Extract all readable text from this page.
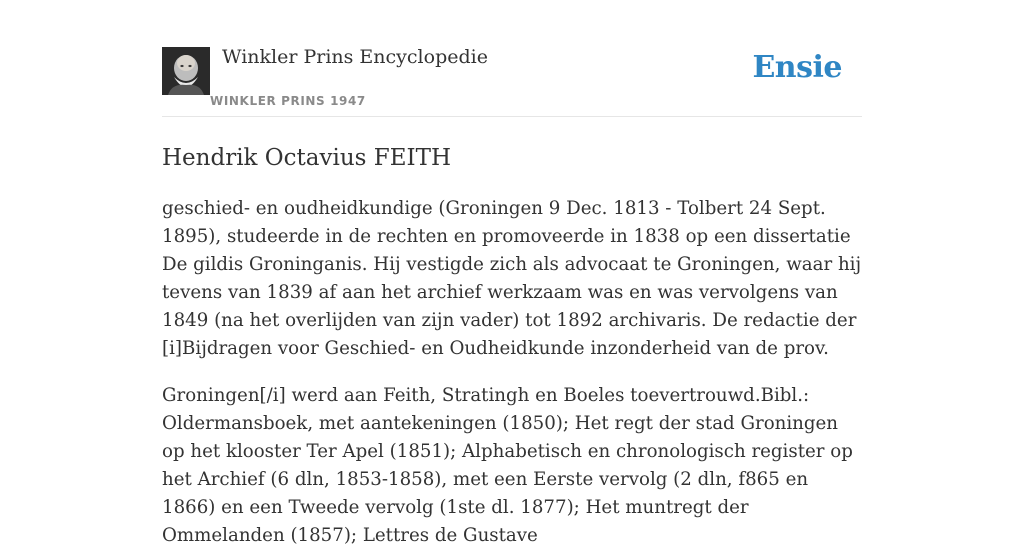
Winkler Prins Encyclopedie
WINKLER PRINS 1947
Ensie
Hendrik Octavius FEITH

geschied- en oudheidkundige (Groningen 9 Dec. 1813 - Tolbert 24 Sept. 1895), studeerde in de rechten en promoveerde in 1838 op een dissertatie De gildis Groninganis. Hij vestigde zich als advocaat te Groningen, waar hij tevens van 1839 af aan het archief werkzaam was en was vervolgens van 1849 (na het overlijden van zijn vader) tot 1892 archivaris. De redactie der [i]Bijdragen voor Geschied- en Oudheidkunde inzonderheid van de prov.

Groningen[/i] werd aan Feith, Stratingh en Boeles toevertrouwd.Bibl.: Oldermansboek, met aantekeningen (1850); Het regt der stad Groningen op het klooster Ter Apel (1851); Alphabetisch en chronologisch register op het Archief (6 dln, 1853-1858), met een Eerste vervolg (2 dln, f865 en 1866) en een Tweede vervolg (1ste dl. 1877); Het muntregt der Ommelanden (1857); Lettres de Gustave
